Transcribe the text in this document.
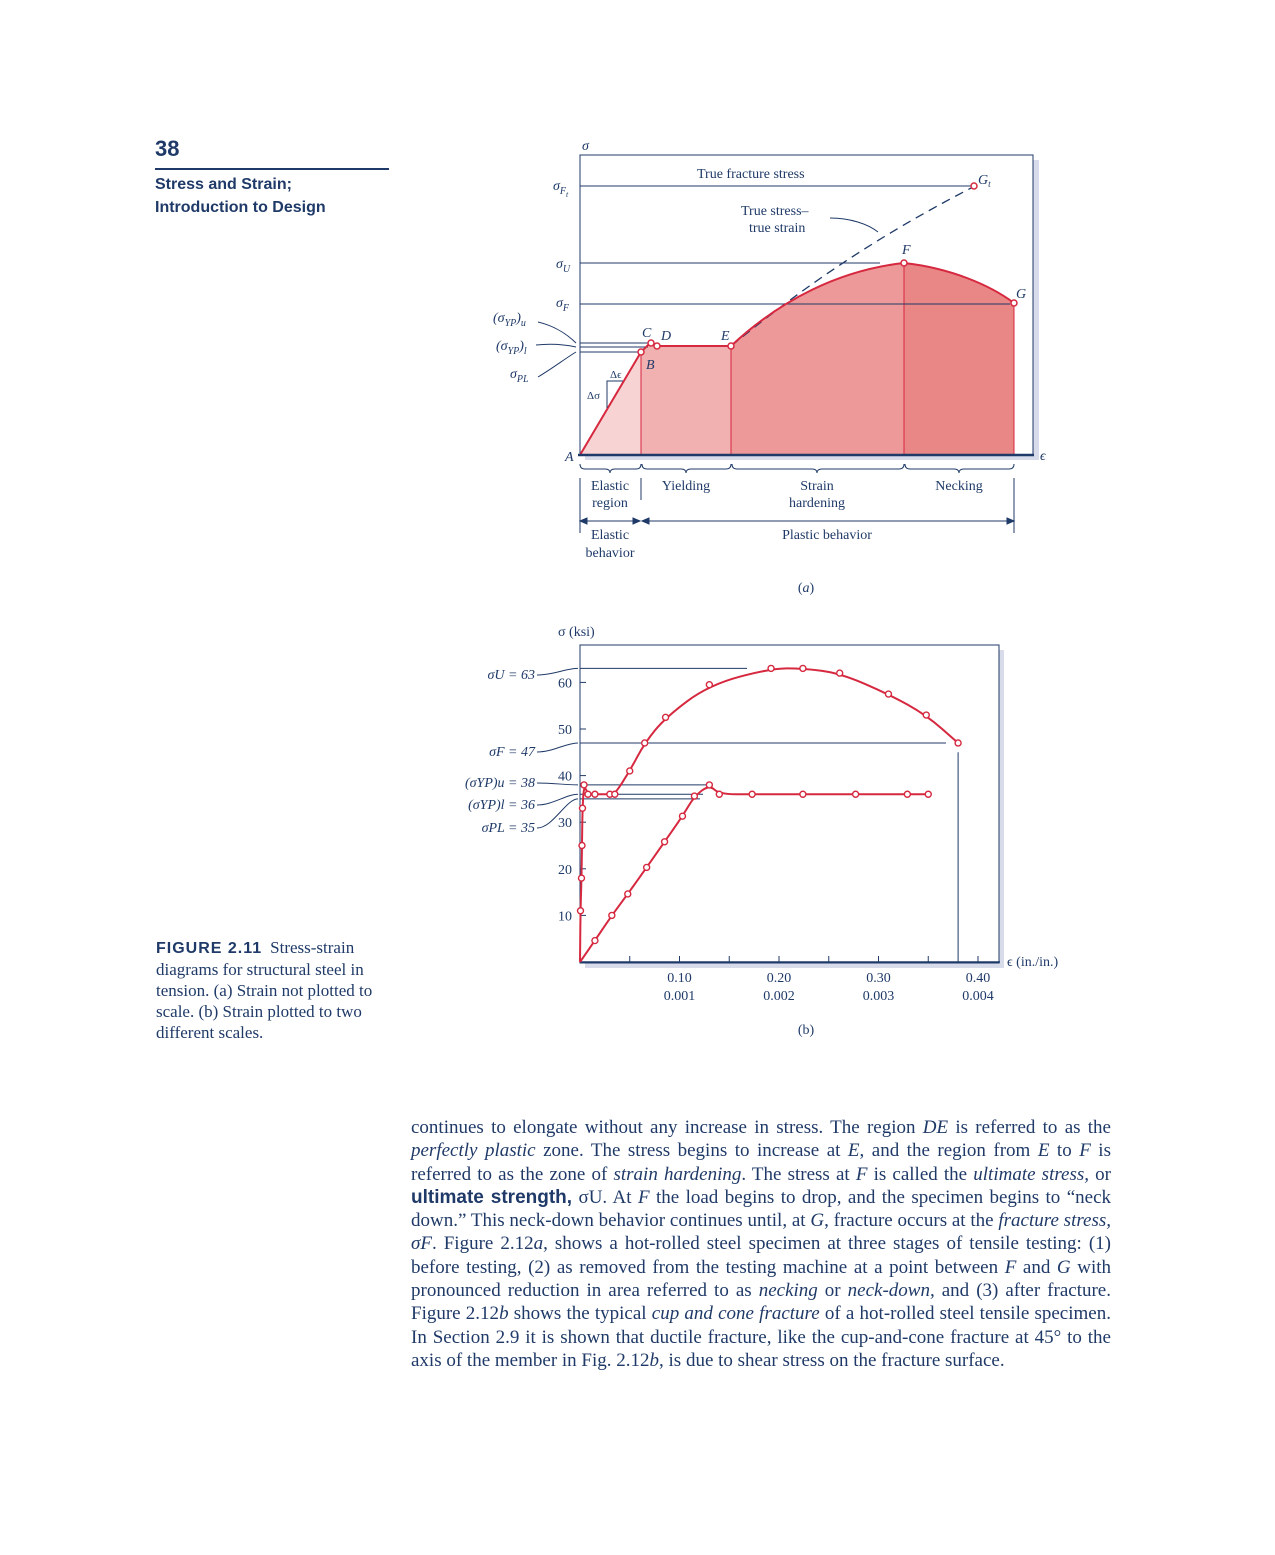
38
Stress and Strain;
Introduction to Design
σ
ϵ
True fracture stress
True stress–
true strain
$\sigma_{Ft}$
$\sigma_U$
$\sigma_F$
$(\sigma_{YP})_u$
$(\sigma_{YP})_l$
$\sigma_{PL}$
A
B
C D	E
F
G
$G_t$
Δϵ
Δσ
Elastic
region
Yielding	Strain
hardening
Necking
Elastic
behavior
Plastic behavior
(a)
10
20
30
40
50
60
0.10	0.20	0.30	0.40
0.001	0.002	0.003	0.004
σ (ksi)
ϵ (in./in.)
σU = 63
σF = 47
(σYP)u = 38
(σYP)l = 36
σPL = 35
(b)
FIGURE 2.11 Stress-strain diagrams for structural steel in tension. (a) Strain not plotted to scale. (b) Strain plotted to two different scales.
continues to elongate without any increase in stress. The region DE is referred to as the perfectly plastic zone. The stress begins to increase at E, and the region from E to F is referred to as the zone of strain hardening. The stress at F is called the ultimate stress, or ultimate strength, σU. At F the load begins to drop, and the specimen begins to “neck down.” This neck-down behavior continues until, at G, fracture occurs at the fracture stress, σF. Figure 2.12a, shows a hot-rolled steel specimen at three stages of tensile testing: (1) before testing, (2) as removed from the testing machine at a point between F and G with pronounced reduction in area referred to as necking or neck-down, and (3) after fracture. Figure 2.12b shows the typical cup and cone fracture of a hot-rolled steel tensile specimen. In Section 2.9 it is shown that ductile fracture, like the cup-and-cone fracture at 45° to the axis of the member in Fig. 2.12b, is due to shear stress on the fracture surface.
